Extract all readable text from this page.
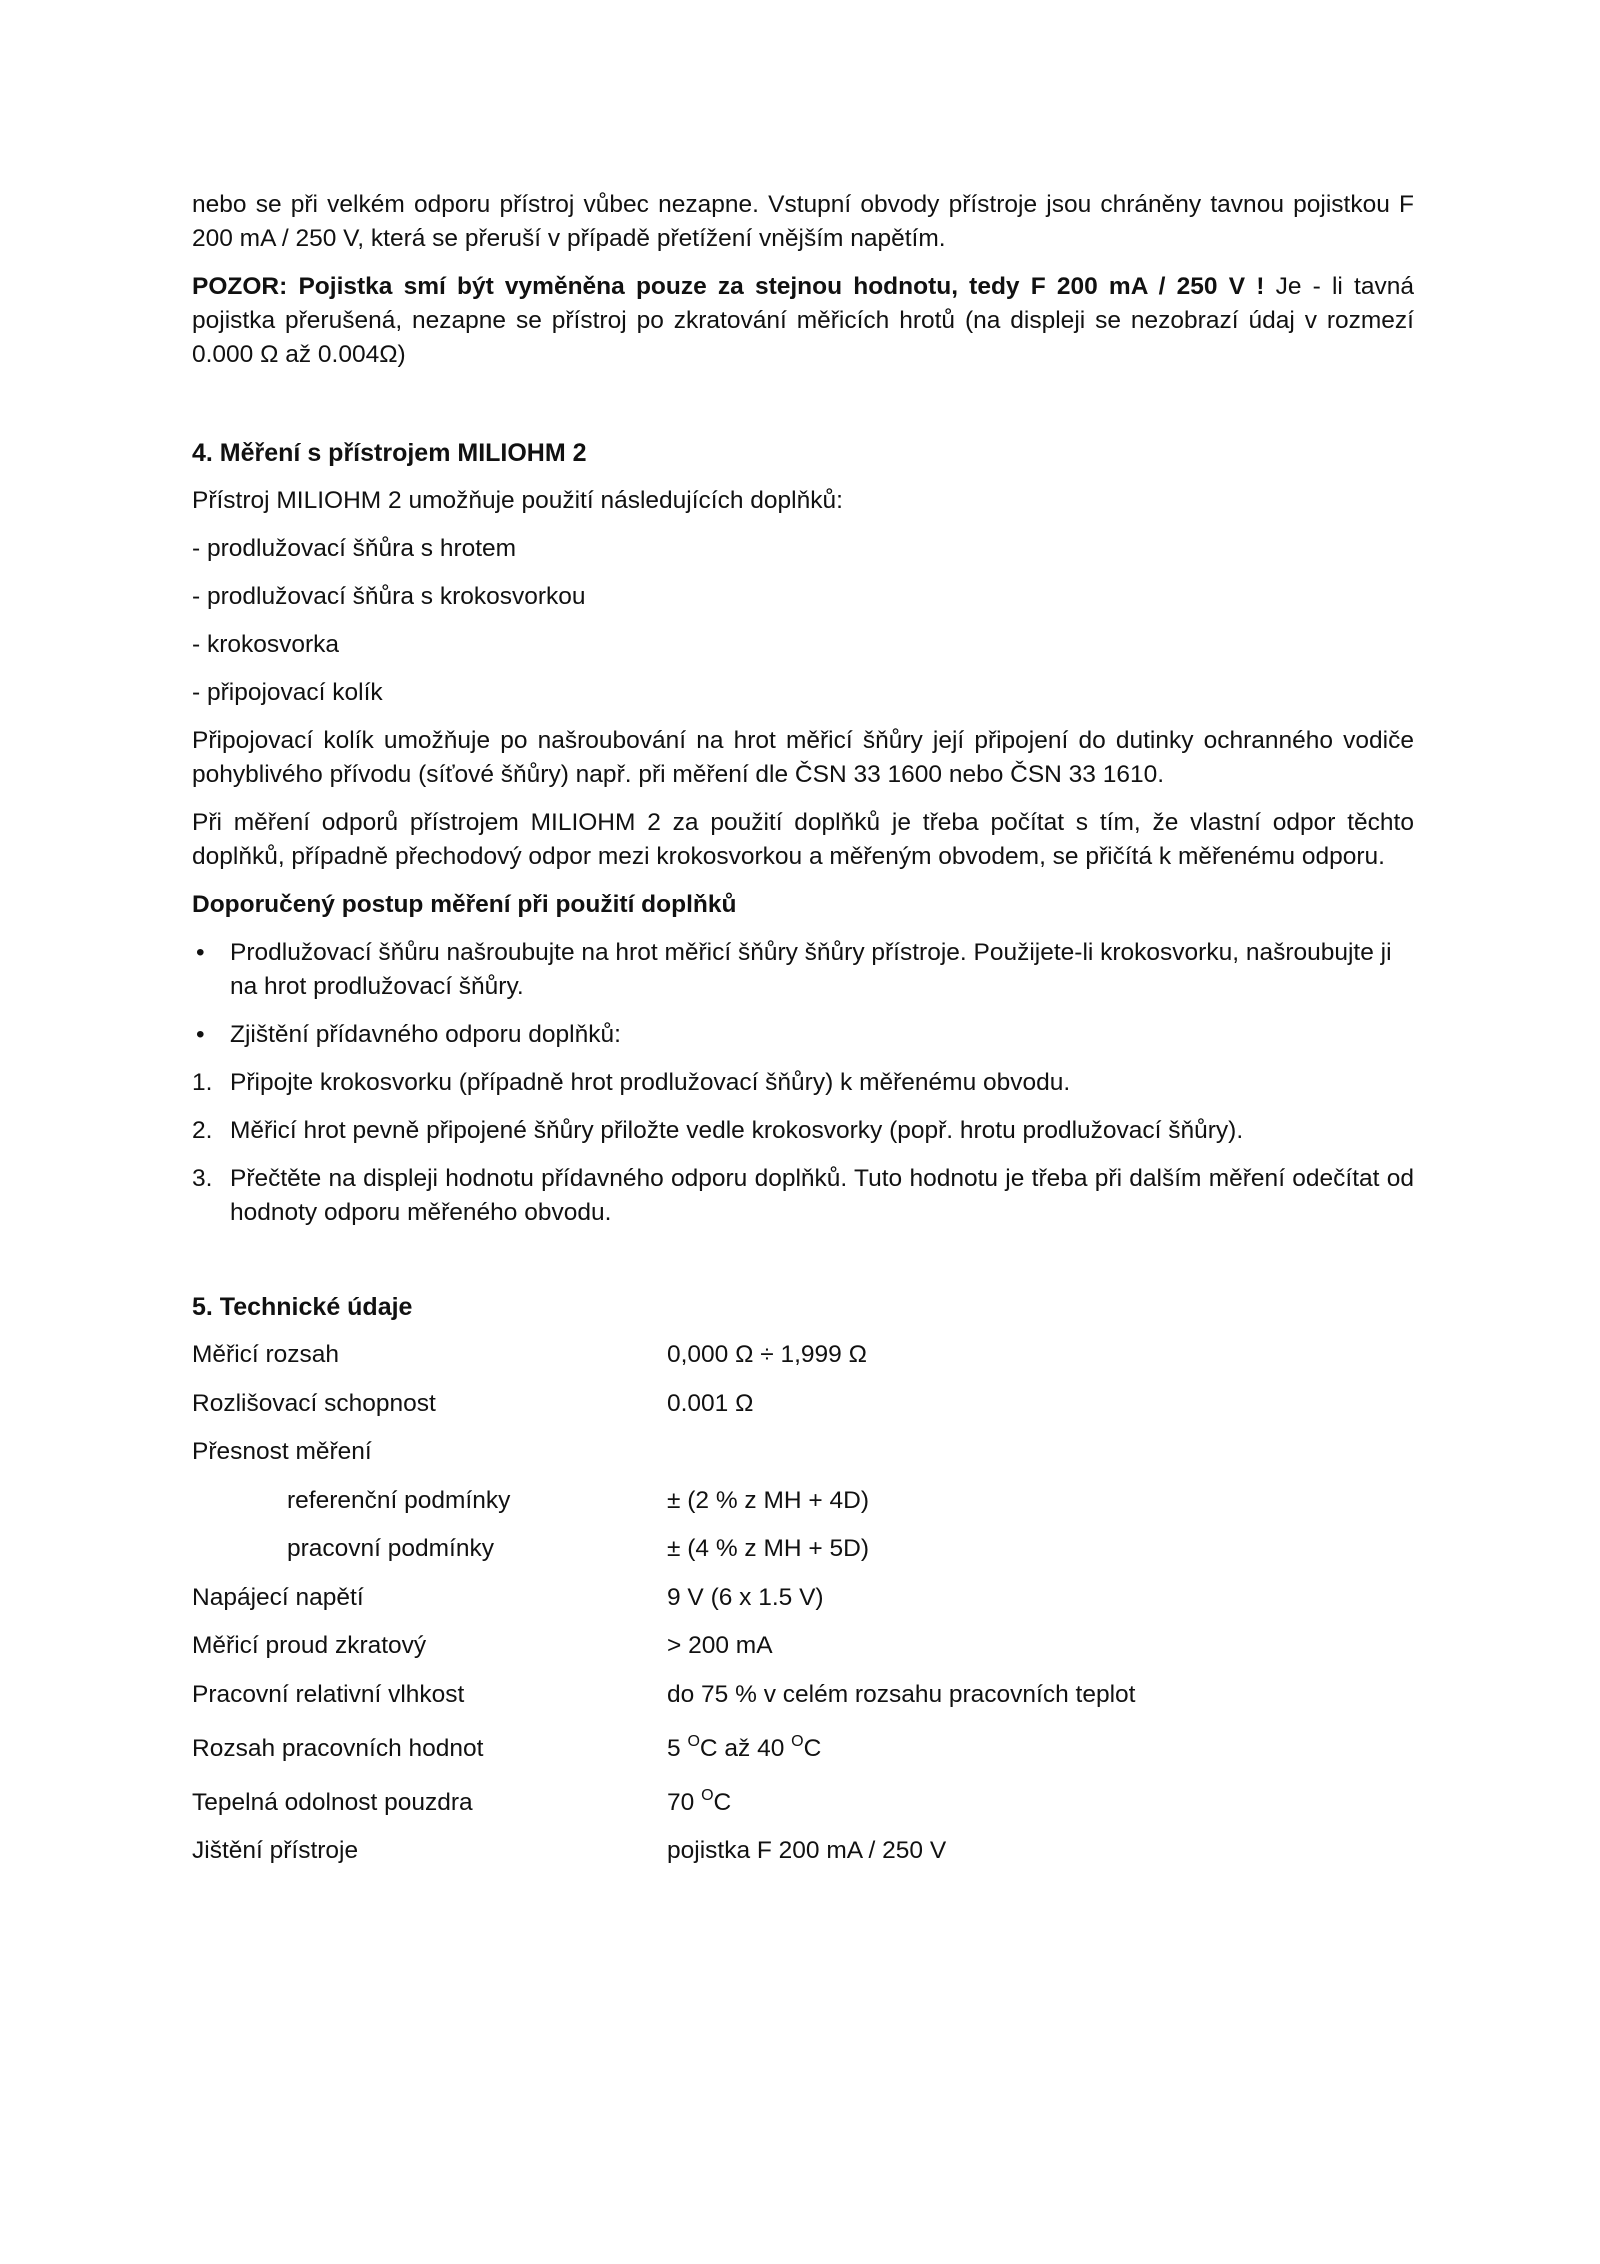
nebo se při velkém odporu přístroj vůbec nezapne. Vstupní obvody přístroje jsou chráněny tavnou pojistkou F 200 mA / 250 V, která se přeruší v případě přetížení vnějším napětím.

POZOR: Pojistka smí být vyměněna pouze za stejnou hodnotu, tedy F 200 mA / 250 V ! Je - li tavná pojistka přerušená, nezapne se přístroj po zkratování měřicích hrotů (na displeji se nezobrazí údaj v rozmezí 0.000 Ω až 0.004Ω)

4. Měření s přístrojem MILIOHM 2

Přístroj MILIOHM 2 umožňuje použití následujících doplňků:

- prodlužovací šňůra s hrotem

- prodlužovací šňůra s krokosvorkou

- krokosvorka

- připojovací kolík

Připojovací kolík umožňuje po našroubování na hrot měřicí šňůry její připojení do dutinky ochranného vodiče pohyblivého přívodu (síťové šňůry) např. při měření dle ČSN 33 1600 nebo ČSN 33 1610.

Při měření odporů přístrojem MILIOHM 2 za použití doplňků je třeba počítat s tím, že vlastní odpor těchto doplňků, případně přechodový odpor mezi krokosvorkou a měřeným obvodem, se přičítá k měřenému odporu.

Doporučený postup měření při použití doplňků

• Prodlužovací šňůru našroubujte na hrot měřicí šňůry šňůry přístroje. Použijete-li krokosvorku, našroubujte ji na hrot prodlužovací šňůry.

• Zjištění přídavného odporu doplňků:

1. Připojte krokosvorku (případně hrot prodlužovací šňůry) k měřenému obvodu.

2. Měřicí hrot pevně připojené šňůry přiložte vedle krokosvorky (popř. hrotu prodlužovací šňůry).

3. Přečtěte na displeji hodnotu přídavného odporu doplňků. Tuto hodnotu je třeba při dalším měření odečítat od hodnoty odporu měřeného obvodu.

5. Technické údaje

Měřicí rozsah	0,000 Ω ÷ 1,999 Ω
Rozlišovací schopnost	0.001 Ω
Přesnost měření
referenční podmínky	± (2 % z MH + 4D)
pracovní podmínky	± (4 % z MH + 5D)
Napájecí napětí	9 V (6 x 1.5 V)
Měřicí proud zkratový	> 200 mA
Pracovní relativní vlhkost	do 75 % v celém rozsahu pracovních teplot
Rozsah pracovních hodnot	5 $^O$C až 40 $^O$C
Tepelná odolnost pouzdra	70 $^O$C
Jištění přístroje	pojistka F 200 mA / 250 V
